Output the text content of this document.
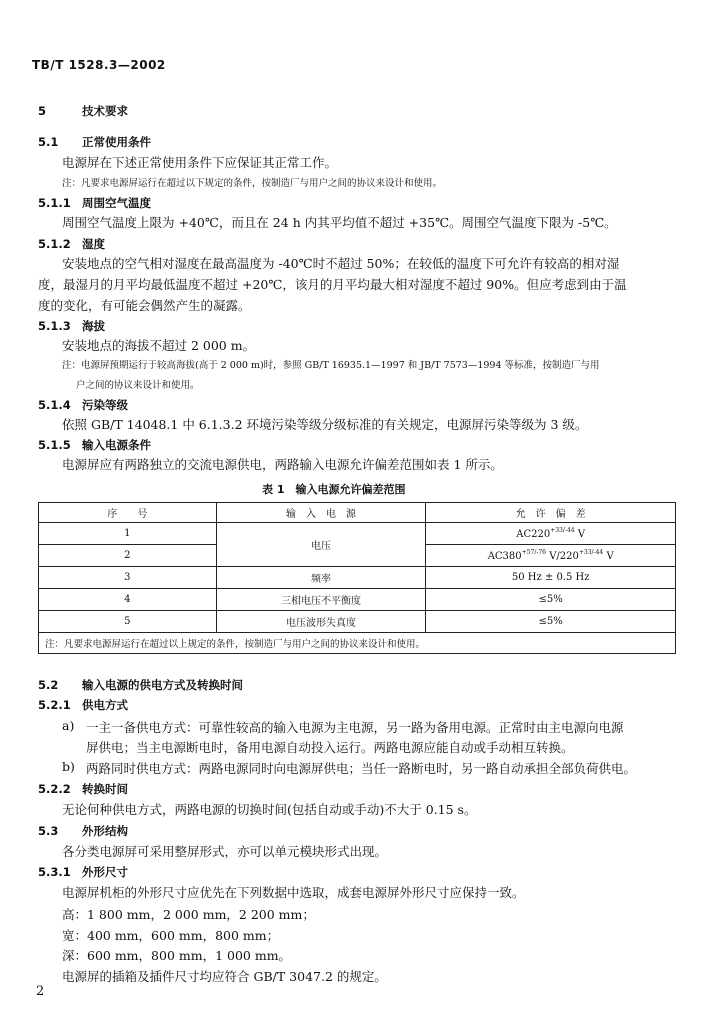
TB/T 1528.3—2002
5	技术要求
5.1 正常使用条件
电源屏在下述正常使用条件下应保证其正常工作。
注：凡要求电源屏运行在超过以下规定的条件，按制造厂与用户之间的协议来设计和使用。
5.1.1 周围空气温度
周围空气温度上限为 +40℃，而且在 24 h 内其平均值不超过 +35℃。周围空气温度下限为 -5℃。
5.1.2 湿度
安装地点的空气相对湿度在最高温度为 -40℃时不超过 50%；在较低的温度下可允许有较高的相对湿
度，最湿月的月平均最低温度不超过 +20℃，该月的月平均最大相对湿度不超过 90%。但应考虑到由于温
度的变化，有可能会偶然产生的凝露。
5.1.3 海拔
安装地点的海拔不超过 2 000 m。
注：电源屏预期运行于较高海拔(高于 2 000 m)时，参照 GB/T 16935.1—1997 和 JB/T 7573—1994 等标准，按制造厂与用
户之间的协议来设计和使用。
5.1.4 污染等级
依照 GB/T 14048.1 中 6.1.3.2 环境污染等级分级标准的有关规定，电源屏污染等级为 3 级。
5.1.5 输入电源条件
电源屏应有两路独立的交流电源供电，两路输入电源允许偏差范围如表 1 所示。
表 1　输入电源允许偏差范围
序　　号	输　入　电　源	允　许　偏　差
1	电压	$AC220^{+33/-44}$ V
2		$AC380^{+57/-76}$ $V/220^{+33/-44}$ V
3	频率	50 Hz ± 0.5 Hz
4	三相电压不平衡度	≤5%
5	电压波形失真度	≤5%
注：凡要求电源屏运行在超过以上规定的条件，按制造厂与用户之间的协议来设计和使用。		
5.2 输入电源的供电方式及转换时间
5.2.1 供电方式
a) 一主一备供电方式：可靠性较高的输入电源为主电源，另一路为备用电源。正常时由主电源向电源
屏供电；当主电源断电时，备用电源自动投入运行。两路电源应能自动或手动相互转换。
b) 两路同时供电方式：两路电源同时向电源屏供电；当任一路断电时，另一路自动承担全部负荷供电。
5.2.2 转换时间
无论何种供电方式，两路电源的切换时间(包括自动或手动)不大于 0.15 s。
5.3 外形结构
各分类电源屏可采用整屏形式，亦可以单元模块形式出现。
5.3.1 外形尺寸
电源屏机柜的外形尺寸应优先在下列数据中选取，成套电源屏外形尺寸应保持一致。
高：1 800 mm，2 000 mm，2 200 mm；
宽：400 mm，600 mm，800 mm；
深：600 mm，800 mm，1 000 mm。
电源屏的插箱及插件尺寸均应符合 GB/T 3047.2 的规定。
2
